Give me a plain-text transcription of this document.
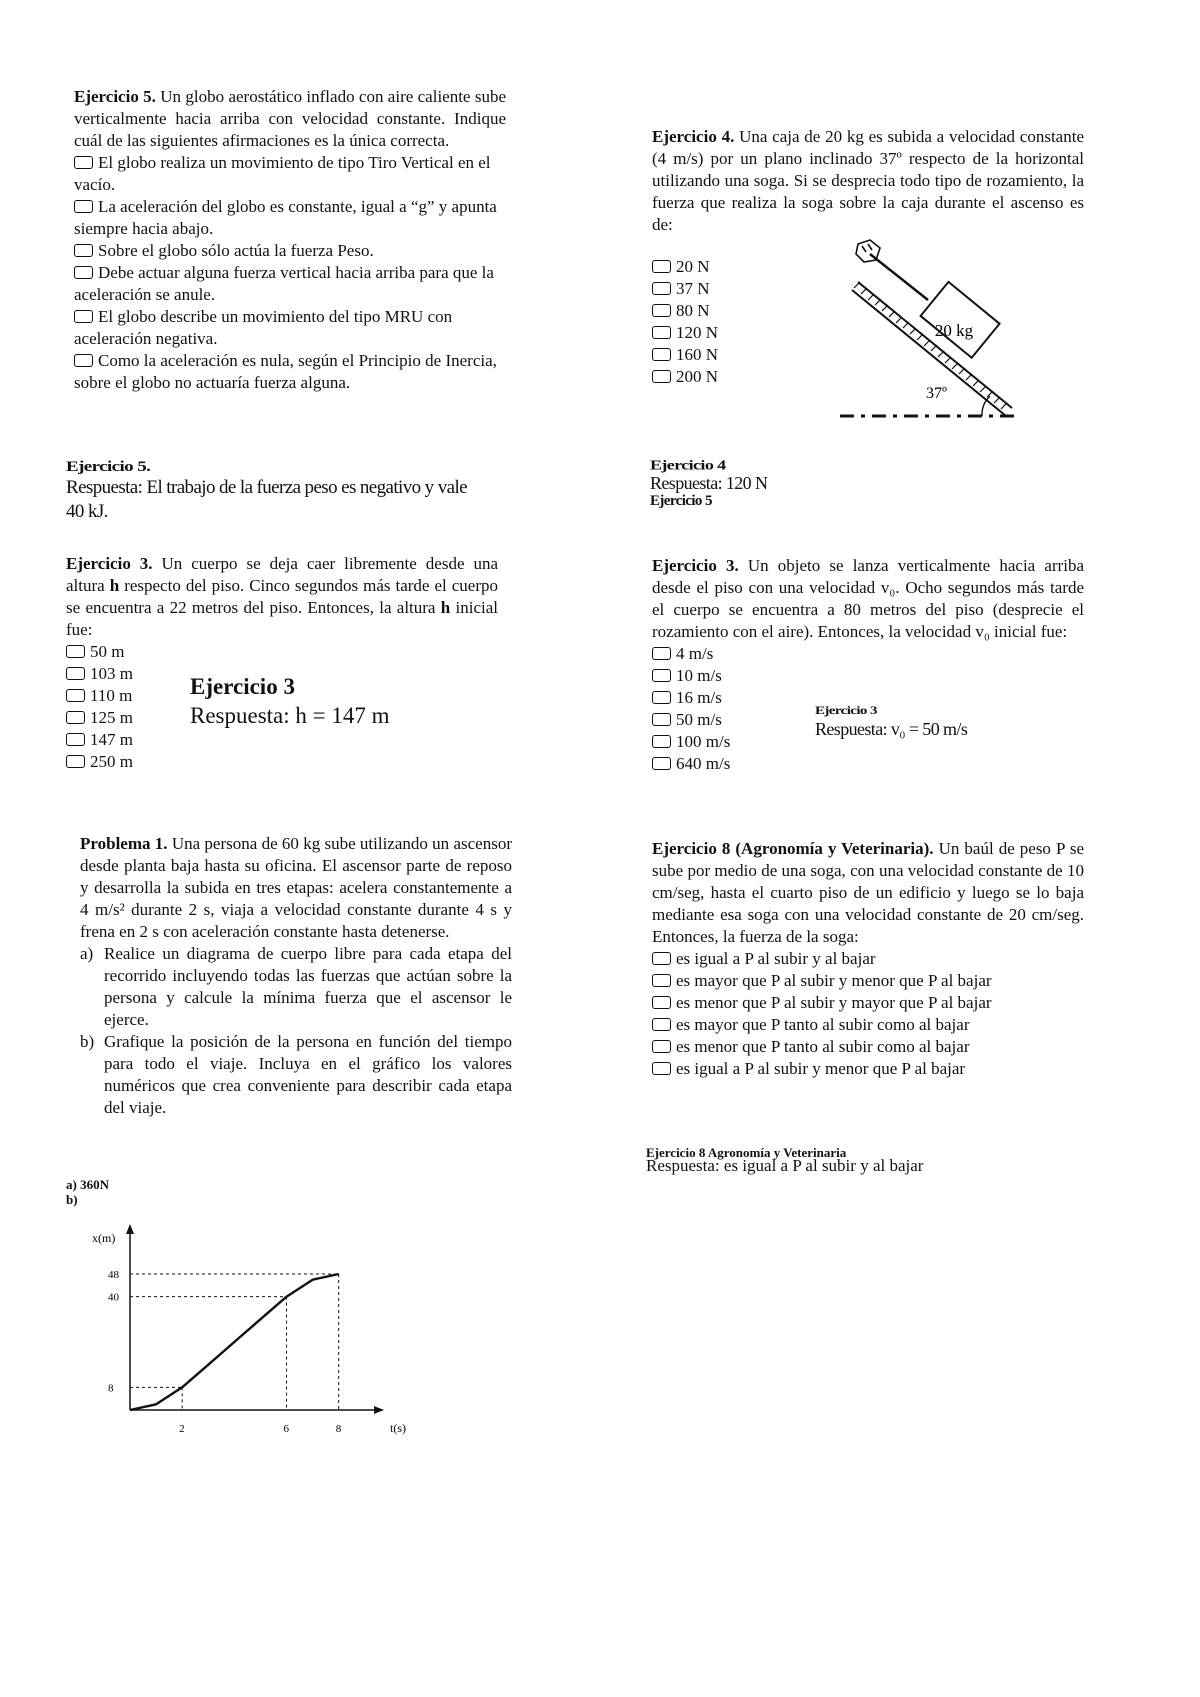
Ejercicio 5. Un globo aerostático inflado con aire caliente sube verticalmente hacia arriba con velocidad constante. Indique cuál de las siguientes afirmaciones es la única correcta.

El globo realiza un movimiento de tipo Tiro Vertical en el vacío.
La aceleración del globo es constante, igual a “g” y apunta siempre hacia abajo.
Sobre el globo sólo actúa la fuerza Peso.
Debe actuar alguna fuerza vertical hacia arriba para que la aceleración se anule.
El globo describe un movimiento del tipo MRU con aceleración negativa.
Como la aceleración es nula, según el Principio de Inercia, sobre el globo no actuaría fuerza alguna.
Ejercicio 5.
Respuesta: El trabajo de la fuerza peso es negativo y vale 40 kJ.

Ejercicio 4. Una caja de 20 kg es subida a velocidad constante (4 m/s) por un plano inclinado 37º respecto de la horizontal utilizando una soga. Si se desprecia todo tipo de rozamiento, la fuerza que realiza la soga sobre la caja durante el ascenso es de:

20 N
37 N
80 N
120 N
160 N
200 N
20 kg
37º
Ejercicio 4
Respuesta: 120 N
Ejercicio 5

Ejercicio 3. Un cuerpo se deja caer libremente desde una altura h respecto del piso. Cinco segundos más tarde el cuerpo se encuentra a 22 metros del piso. Entonces, la altura h inicial fue:

50 m
103 m
110 m
125 m
147 m
250 m
Ejercicio 3
Respuesta: h = 147 m

Ejercicio 3. Un objeto se lanza verticalmente hacia arriba desde el piso con una velocidad v₀. Ocho segundos más tarde el cuerpo se encuentra a 80 metros del piso (desprecie el rozamiento con el aire). Entonces, la velocidad v₀ inicial fue:

4 m/s
10 m/s
16 m/s
50 m/s
100 m/s
640 m/s
Ejercicio 3
Respuesta: v₀ = 50 m/s

Problema 1. Una persona de 60 kg sube utilizando un ascensor desde planta baja hasta su oficina. El ascensor parte de reposo y desarrolla la subida en tres etapas: acelera constantemente a 4 m/s² durante 2 s, viaja a velocidad constante durante 4 s y frena en 2 s con aceleración constante hasta detenerse.

a) Realice un diagrama de cuerpo libre para cada etapa del recorrido incluyendo todas las fuerzas que actúan sobre la persona y calcule la mínima fuerza que el ascensor le ejerce.
b) Grafique la posición de la persona en función del tiempo para todo el viaje. Incluya en el gráfico los valores numéricos que crea conveniente para describir cada etapa del viaje.
a) 360N
b)
x(m)
t(s)
2	6	8
8
40
48

Ejercicio 8 (Agronomía y Veterinaria). Un baúl de peso P se sube por medio de una soga, con una velocidad constante de 10 cm/seg, hasta el cuarto piso de un edificio y luego se lo baja mediante esa soga con una velocidad constante de 20 cm/seg. Entonces, la fuerza de la soga:

es igual a P al subir y al bajar
es mayor que P al subir y menor que P al bajar
es menor que P al subir y mayor que P al bajar
es mayor que P tanto al subir como al bajar
es menor que P tanto al subir como al bajar
es igual a P al subir y menor que P al bajar
Ejercicio 8 Agronomía y Veterinaria
Respuesta: es igual a P al subir y al bajar
